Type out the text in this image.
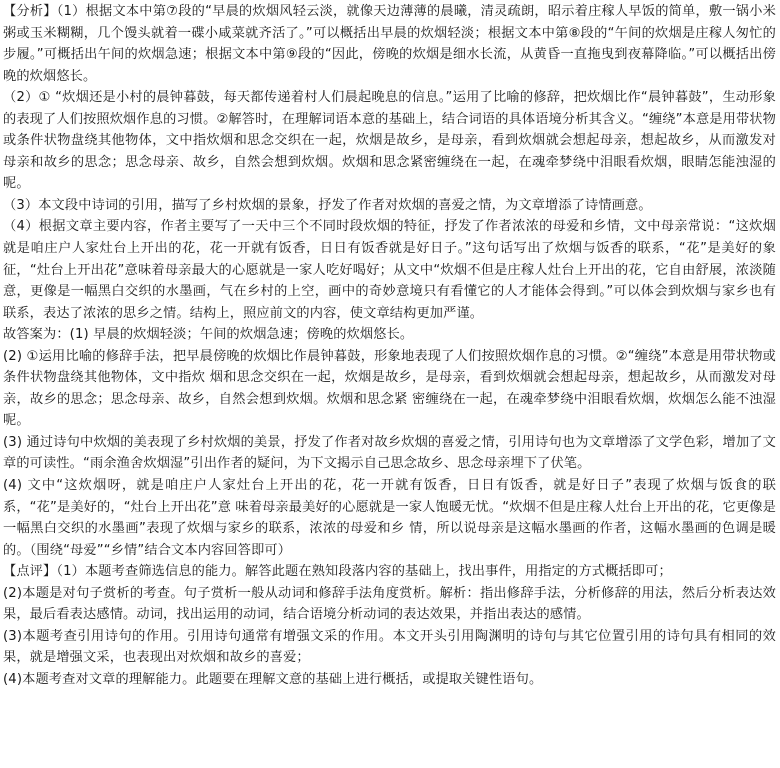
【分析】（1）根据文本中第⑦段的“早晨的炊烟风轻云淡，就像天边薄薄的晨曦，清灵疏朗，昭示着庄稼人早饭的简单，敷一锅小米粥或玉米糊糊，几个馒头就着一碟小咸菜就齐活了。”可以概括出早晨的炊烟轻淡；根据文本中第⑧段的“午间的炊烟是庄稼人匆忙的步履。”可概括出午间的炊烟急速；根据文本中第⑨段的“因此，傍晚的炊烟是细水长流，从黄昏一直拖曳到夜幕降临。”可以概括出傍晚的炊烟悠长。

（2）① “炊烟还是小村的晨钟暮鼓，每天都传递着村人们晨起晚息的信息。”运用了比喻的修辞，把炊烟比作“晨钟暮鼓”，生动形象的表现了人们按照炊烟作息的习惯。②解答时，在理解词语本意的基础上，结合词语的具体语境分析其含义。“缠绕”本意是用带状物或条件状物盘绕其他物体，文中指炊烟和思念交织在一起，炊烟是故乡，是母亲，看到炊烟就会想起母亲，想起故乡，从而激发对母亲和故乡的思念；思念母亲、故乡，自然会想到炊烟。炊烟和思念紧密缠绕在一起，在魂牵梦绕中泪眼看炊烟，眼睛怎能浊湿的呢。

（3）本文段中诗词的引用，描写了乡村炊烟的景象，抒发了作者对炊烟的喜爱之情，为文章增添了诗情画意。

（4）根据文章主要内容，作者主要写了一天中三个不同时段炊烟的特征，抒发了作者浓浓的母爱和乡情，文中母亲常说：“这炊烟就是咱庄户人家灶台上开出的花，花一开就有饭香，日日有饭香就是好日子。”这句话写出了炊烟与饭香的联系，“花”是美好的象征，“灶台上开出花”意味着母亲最大的心愿就是一家人吃好喝好；从文中“炊烟不但是庄稼人灶台上开出的花，它自由舒展，浓淡随意，更像是一幅黑白交织的水墨画，气在乡村的上空，画中的奇妙意境只有看懂它的人才能体会得到。”可以体会到炊烟与家乡也有联系，表达了浓浓的思乡之情。结构上，照应前文的内容，使文章结构更加严谨。

故答案为：(1) 早晨的炊烟轻淡；午间的炊烟急速；傍晚的炊烟悠长。

(2) ①运用比喻的修辞手法，把早晨傍晚的炊烟比作晨钟暮鼓，形象地表现了人们按照炊烟作息的习惯。②“缠绕”本意是用带状物或条件状物盘绕其他物体，文中指炊 烟和思念交织在一起，炊烟是故乡，是母亲，看到炊烟就会想起母亲，想起故乡，从而激发对母亲，故乡的思念；思念母亲、故乡，自然会想到炊烟。炊烟和思念紧 密缠绕在一起，在魂牵梦绕中泪眼看炊烟，炊烟怎么能不浊湿呢。

(3) 通过诗句中炊烟的美表现了乡村炊烟的美景，抒发了作者对故乡炊烟的喜爱之情，引用诗句也为文章增添了文学色彩，增加了文章的可读性。“雨余渔舍炊烟湿”引出作者的疑问，为下文揭示自己思念故乡、思念母亲埋下了伏笔。

(4) 文中“这炊烟呀，就是咱庄户人家灶台上开出的花，花一开就有饭香，日日有饭香，就是好日子”表现了炊烟与饭食的联系，“花”是美好的，“灶台上开出花”意 味着母亲最美好的心愿就是一家人饱暖无忧。“炊烟不但是庄稼人灶台上开出的花，它更像是一幅黑白交织的水墨画”表现了炊烟与家乡的联系，浓浓的母爱和乡 情，所以说母亲是这幅水墨画的作者，这幅水墨画的色调是暖的。（围绕“母爱”“乡情”结合文本内容回答即可）

【点评】（1）本题考查筛选信息的能力。解答此题在熟知段落内容的基础上，找出事件，用指定的方式概括即可；

(2)本题是对句子赏析的考查。句子赏析一般从动词和修辞手法角度赏析。解析：指出修辞手法，分析修辞的用法，然后分析表达效果，最后看表达感情。动词，找出运用的动词，结合语境分析动词的表达效果，并指出表达的感情。

(3)本题考查引用诗句的作用。引用诗句通常有增强文采的作用。本文开头引用陶渊明的诗句与其它位置引用的诗句具有相同的效果，就是增强文采，也表现出对炊烟和故乡的喜爱；

(4)本题考查对文章的理解能力。此题要在理解文意的基础上进行概括，或提取关键性语句。
